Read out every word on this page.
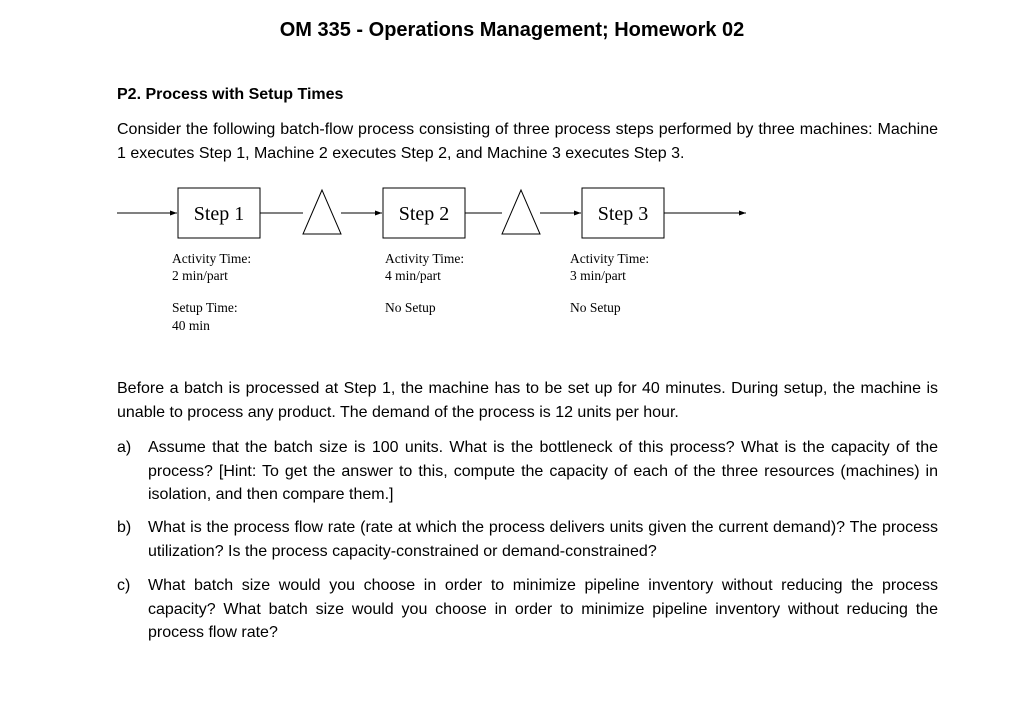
OM 335 - Operations Management; Homework 02
P2. Process with Setup Times
Consider the following batch-flow process consisting of three process steps performed by three machines: Machine 1 executes Step 1, Machine 2 executes Step 2, and Machine 3 executes Step 3.
Step 1	Step 2	Step 3
Activity Time:
2 min/part
Setup Time:
40 min
Activity Time:
4 min/part
No Setup
Activity Time:
3 min/part
No Setup
Before a batch is processed at Step 1, the machine has to be set up for 40 minutes. During setup, the machine is unable to process any product. The demand of the process is 12 units per hour.
a)	Assume that the batch size is 100 units. What is the bottleneck of this process? What is the capacity of the process? [Hint: To get the answer to this, compute the capacity of each of the three resources (machines) in isolation, and then compare them.]
b)	What is the process flow rate (rate at which the process delivers units given the current demand)? The process utilization? Is the process capacity-constrained or demand-constrained?
c)	What batch size would you choose in order to minimize pipeline inventory without reducing the process capacity? What batch size would you choose in order to minimize pipeline inventory without reducing the process flow rate?
